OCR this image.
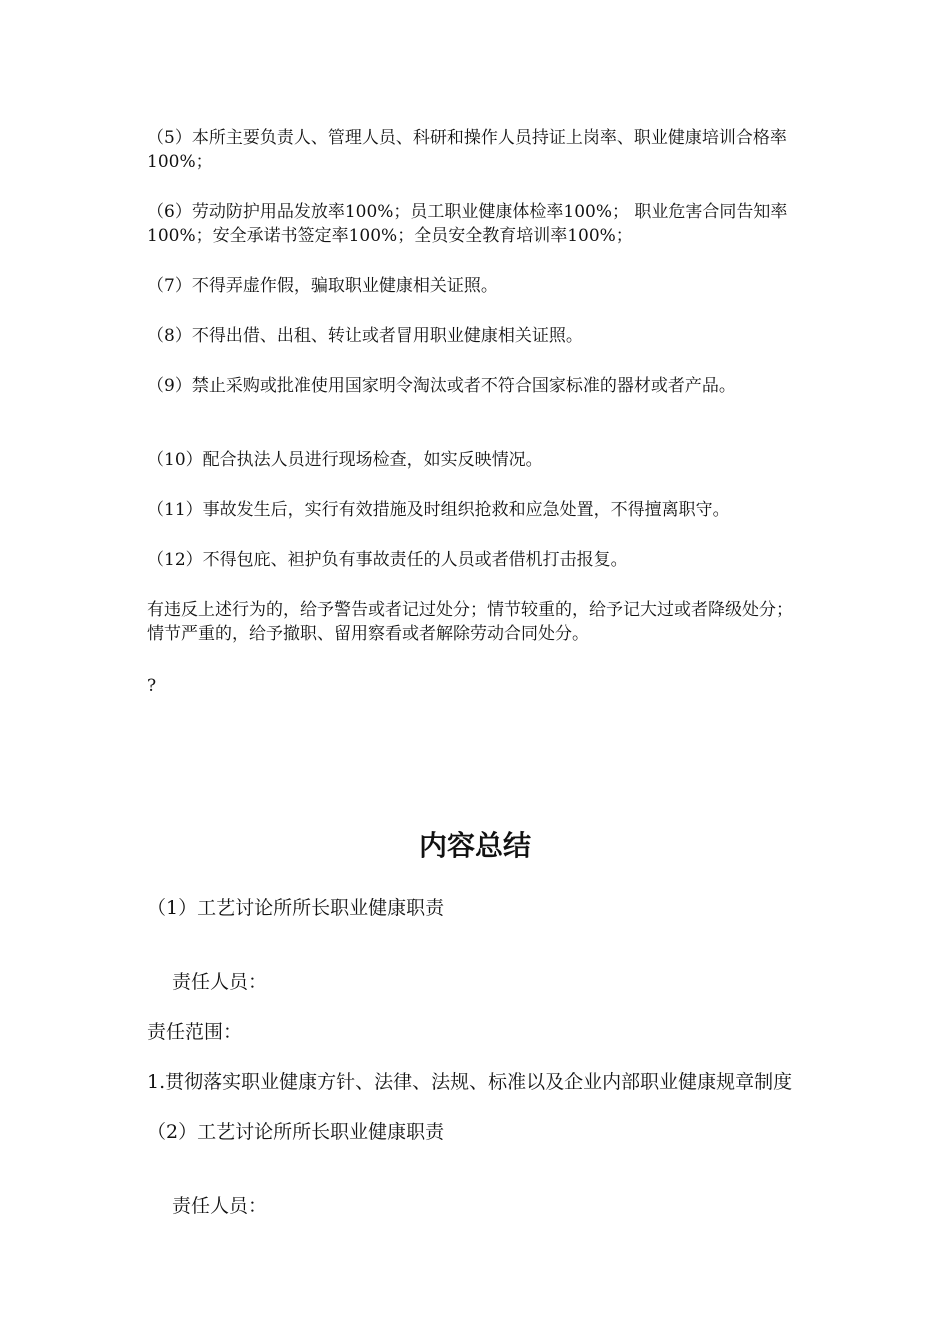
（5）本所主要负责人、管理人员、科研和操作人员持证上岗率、职业健康培训合格率100%；

（6）劳动防护用品发放率100%；员工职业健康体检率100%； 职业危害合同告知率100%；安全承诺书签定率100%；全员安全教育培训率100%；

（7）不得弄虚作假，骗取职业健康相关证照。

（8）不得出借、出租、转让或者冒用职业健康相关证照。

（9）禁止采购或批准使用国家明令淘汰或者不符合国家标准的器材或者产品。

（10）配合执法人员进行现场检查，如实反映情况。

（11）事故发生后，实行有效措施及时组织抢救和应急处置，不得擅离职守。

（12）不得包庇、袒护负有事故责任的人员或者借机打击报复。

有违反上述行为的，给予警告或者记过处分；情节较重的，给予记大过或者降级处分；情节严重的，给予撤职、留用察看或者解除劳动合同处分。

?

内容总结

（1）工艺讨论所所长职业健康职责

责任人员：

责任范围：

1.贯彻落实职业健康方针、法律、法规、标准以及企业内部职业健康规章制度

（2）工艺讨论所所长职业健康职责

责任人员：
